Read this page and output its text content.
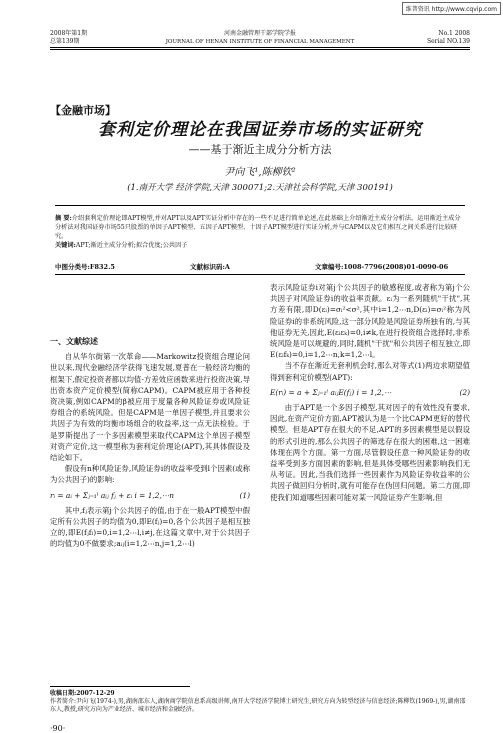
维普资讯 http://www.cqvip.com
2008年第1期
总第139期
河南金融管理干部学院学报
JOURNAL OF HENAN INSTITUTE OF FINANCIAL MANAGEMENT
No.1 2008
Serial NO.139
【金融市场】
套利定价理论在我国证券市场的实证研究
——基于渐近主成分分析方法
尹向飞¹,陈柳钦²
(1.南开大学 经济学院,天津 300071;2.天津社会科学院,天津 300191)
摘 要:介绍套利定价理论即APT模型,并对APT以及APT实证分析中存在的一些不足进行简单论述,在此基础上介绍渐近主成分分析法。运用渐近主成分分析法对我国证券市场55只股票的单因子APT模型、五因子APT模型、十因子APT模型进行实证分析,并与CAPM以及它们相互之间关系进行比较研究。
关键词:APT;渐近主成分分析;拟合优度;公共因子
中图分类号:F832.5	文献标识码:A	文章编号:1008-7796(2008)01-0090-06
一、文献综述

自从华尔街第一次革命——Markowitz投资组合理论问世以来,现代金融经济学获得飞速发展,夏普在一般经济均衡的框架下,假定投资者都以均值-方差效应函数来进行投资决策,导出资本资产定价模型(简称CAPM)。CAPM被应用于各种投资决策,例如CAPM的β被应用于度量各种风险证券或风险证券组合的系统风险。但是CAPM是一单因子模型,并且要求公共因子为有效的均衡市场组合的收益率,这一点无法检验。于是罗斯提出了一个多因素模型来取代CAPM这个单因子模型对资产定价,这一模型称为套利定价理论(APT),其具体假设及结论如下。

假设有n种风险证券,风险证券i的收益率受到l个因素(或称为公共因子)的影响:

rᵢ = aᵢ + Σⱼ₌₁ˡ aᵢⱼ fⱼ + εᵢ i = 1,2,⋯n	(1)

其中,fⱼ表示第j个公共因子的值,由于在一般APT模型中假定所有公共因子的均值为0,即E(fⱼ)=0,各个公共因子是相互独立的,即E(fⱼfₗ)=0,i=1,2⋯l,i≠j,在这篇文章中,对于公共因子的均值为0不做要求;aᵢⱼ(i=1,2⋯n,j=1,2⋯l)

表示风险证券i对第j个公共因子的敏感程度,或者称为第j个公共因子对风险证券i的收益率贡献。εᵢ为一系列随机"干扰",其方差有限,即D(εᵢ)=σᵢ²<σ²,其中i=1,2⋯n,D(εᵢ)=σᵢ²称为风险证券i的非系统风险,这一部分风险是风险证券所独有的,与其他证券无关,因此,E(εᵢεₖ)=0,i≠k,在进行投资组合选择时,非系统风险是可以规避的,同时,随机"干扰"和公共因子相互独立,即E(εᵢfₖ)=0,i=1,2⋯n,k=1,2⋯l。

当不存在渐近无套利机会时,那么对等式(1)两边求期望值得到套利定价模型(APT):

E(rᵢ) = a + Σⱼ₌₁ˡ aᵢⱼE(fⱼ) i = 1,2,⋯	(2)

由于APT是一个多因子模型,其对因子的有效性没有要求,因此,在资产定价方面,APT被认为是一个比CAPM更好的替代模型。但是APT存在很大的不足,APT的多因素模型是以假设的形式引进的,那么公共因子的筛选存在很大的困难,这一困难体现在两个方面。第一方面,尽管假设任意一种风险证券的收益率受到多方面因素的影响,但是具体受哪些因素影响我们无从考证。因此,当我们选择一些因素作为风险证券收益率的公共因子做回归分析时,就有可能存在伪回归问题。第二方面,即使我们知道哪些因素可能对某一风险证券产生影响,但

收稿日期:2007-12-29
作者简介:尹向飞(1974-),男,湖南邵东人,湖南商学院信息系高级讲师,南开大学经济学院博士研究生,研究方向为转型经济与信息经济;陈柳钦(1969-),男,湖南邵东人,教授,研究方向为产业经济、城市经济和金融经济。
·90·
